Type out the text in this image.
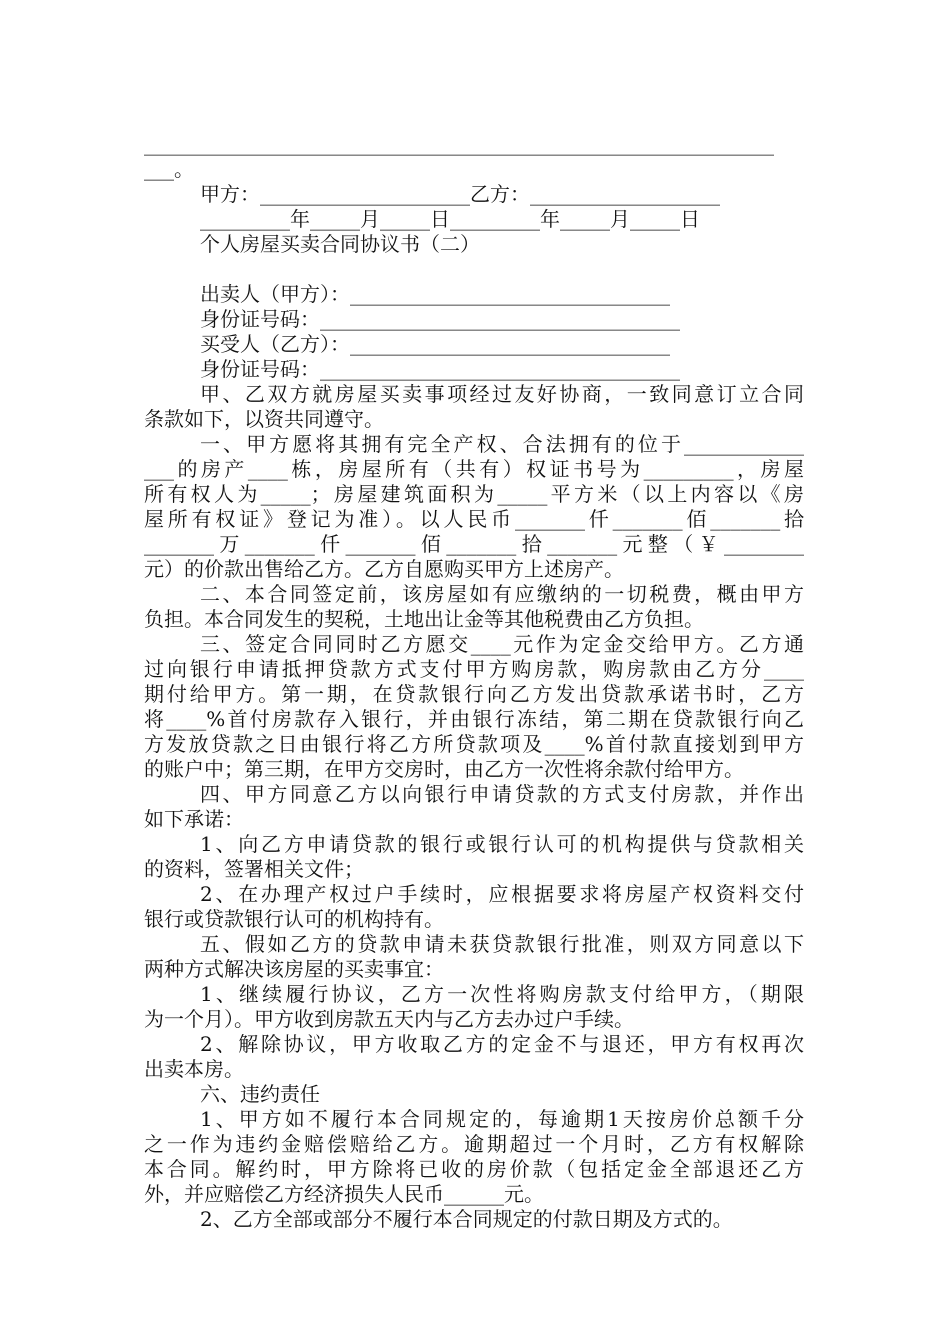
_______________________________________________________________
___。
甲方：_____________________乙方：___________________
_________年_____月_____日_________年_____月_____日
个人房屋买卖合同协议书（二）
出卖人（甲方）：________________________________
身份证号码：____________________________________
买受人（乙方）：________________________________
身份证号码：____________________________________
甲、乙双方就房屋买卖事项经过友好协商，一致同意订立合同
条款如下，以资共同遵守。
一、甲方愿将其拥有完全产权、合法拥有的位于____________
___的房产____栋，房屋所有（共有）权证书号为_________，房屋
所有权人为_____；房屋建筑面积为_____平方米（以上内容以《房
屋所有权证》登记为准）。以人民币_______仟_______佰_______拾
_______万_______仟_______佰_______拾_______元整（￥________
元）的价款出售给乙方。乙方自愿购买甲方上述房产。
二、本合同签定前，该房屋如有应缴纳的一切税费，概由甲方
负担。本合同发生的契税，土地出让金等其他税费由乙方负担。
三、签定合同同时乙方愿交____元作为定金交给甲方。乙方通
过向银行申请抵押贷款方式支付甲方购房款，购房款由乙方分____
期付给甲方。第一期，在贷款银行向乙方发出贷款承诺书时，乙方
将____%首付房款存入银行，并由银行冻结，第二期在贷款银行向乙
方发放贷款之日由银行将乙方所贷款项及____%首付款直接划到甲方
的账户中；第三期，在甲方交房时，由乙方一次性将余款付给甲方。
四、甲方同意乙方以向银行申请贷款的方式支付房款，并作出
如下承诺：
1、向乙方申请贷款的银行或银行认可的机构提供与贷款相关
的资料，签署相关文件；
2、在办理产权过户手续时，应根据要求将房屋产权资料交付
银行或贷款银行认可的机构持有。
五、假如乙方的贷款申请未获贷款银行批准，则双方同意以下
两种方式解决该房屋的买卖事宜：
1、继续履行协议，乙方一次性将购房款支付给甲方，（期限
为一个月）。甲方收到房款五天内与乙方去办过户手续。
2、解除协议，甲方收取乙方的定金不与退还，甲方有权再次
出卖本房。
六、违约责任
1、甲方如不履行本合同规定的，每逾期1天按房价总额千分
之一作为违约金赔偿赔给乙方。逾期超过一个月时，乙方有权解除
本合同。解约时，甲方除将已收的房价款（包括定金全部退还乙方
外，并应赔偿乙方经济损失人民币______元。
2、乙方全部或部分不履行本合同规定的付款日期及方式的。
